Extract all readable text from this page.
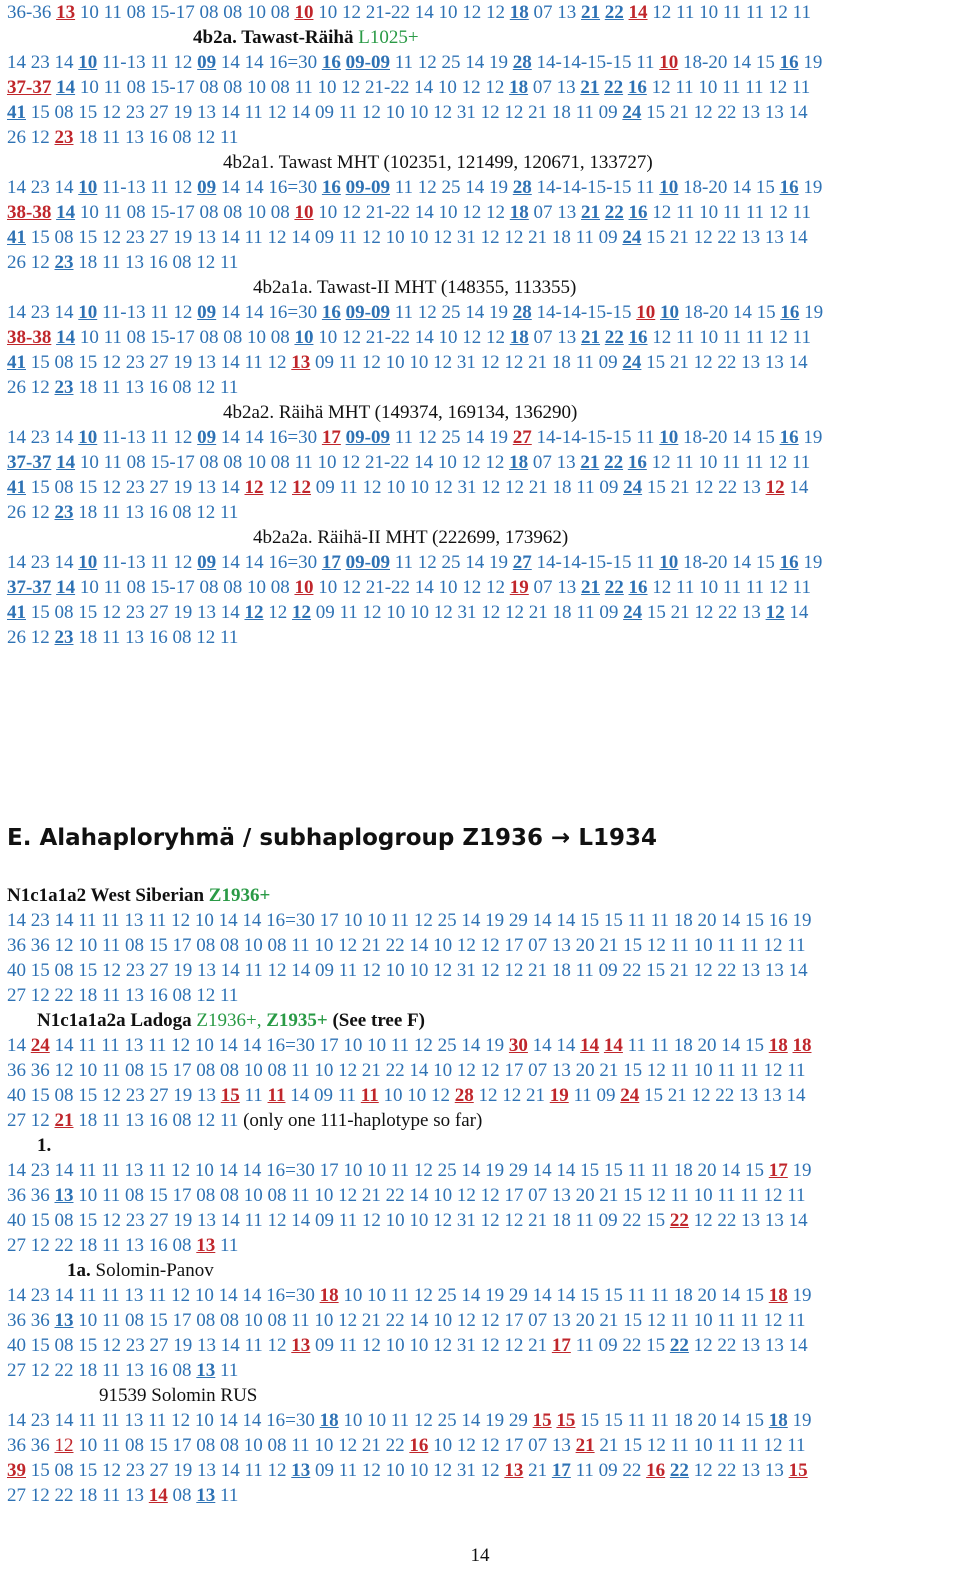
36-36 13 10 11 08 15-17 08 08 10 08 10 10 12 21-22 14 10 12 12 18 07 13 21 22 14 12 11 10 11 11 12 11
4b2a. Tawast-Räihä L1025+
14 23 14 10 11-13 11 12 09 14 14 16=30 16 09-09 11 12 25 14 19 28 14-14-15-15 11 10 18-20 14 15 16 19
37-37 14 10 11 08 15-17 08 08 10 08 11 10 12 21-22 14 10 12 12 18 07 13 21 22 16 12 11 10 11 11 12 11
41 15 08 15 12 23 27 19 13 14 11 12 14 09 11 12 10 10 12 31 12 12 21 18 11 09 24 15 21 12 22 13 13 14
26 12 23 18 11 13 16 08 12 11
4b2a1. Tawast MHT (102351, 121499, 120671, 133727)
14 23 14 10 11-13 11 12 09 14 14 16=30 16 09-09 11 12 25 14 19 28 14-14-15-15 11 10 18-20 14 15 16 19
38-38 14 10 11 08 15-17 08 08 10 08 10 10 12 21-22 14 10 12 12 18 07 13 21 22 16 12 11 10 11 11 12 11
41 15 08 15 12 23 27 19 13 14 11 12 14 09 11 12 10 10 12 31 12 12 21 18 11 09 24 15 21 12 22 13 13 14
26 12 23 18 11 13 16 08 12 11
4b2a1a. Tawast-II MHT (148355, 113355)
14 23 14 10 11-13 11 12 09 14 14 16=30 16 09-09 11 12 25 14 19 28 14-14-15-15 10 10 18-20 14 15 16 19
38-38 14 10 11 08 15-17 08 08 10 08 10 10 12 21-22 14 10 12 12 18 07 13 21 22 16 12 11 10 11 11 12 11
41 15 08 15 12 23 27 19 13 14 11 12 13 09 11 12 10 10 12 31 12 12 21 18 11 09 24 15 21 12 22 13 13 14
26 12 23 18 11 13 16 08 12 11
4b2a2. Räihä MHT (149374, 169134, 136290)
14 23 14 10 11-13 11 12 09 14 14 16=30 17 09-09 11 12 25 14 19 27 14-14-15-15 11 10 18-20 14 15 16 19
37-37 14 10 11 08 15-17 08 08 10 08 11 10 12 21-22 14 10 12 12 18 07 13 21 22 16 12 11 10 11 11 12 11
41 15 08 15 12 23 27 19 13 14 12 12 12 09 11 12 10 10 12 31 12 12 21 18 11 09 24 15 21 12 22 13 12 14
26 12 23 18 11 13 16 08 12 11
4b2a2a. Räihä-II MHT (222699, 173962)
14 23 14 10 11-13 11 12 09 14 14 16=30 17 09-09 11 12 25 14 19 27 14-14-15-15 11 10 18-20 14 15 16 19
37-37 14 10 11 08 15-17 08 08 10 08 10 10 12 21-22 14 10 12 12 19 07 13 21 22 16 12 11 10 11 11 12 11
41 15 08 15 12 23 27 19 13 14 12 12 12 09 11 12 10 10 12 31 12 12 21 18 11 09 24 15 21 12 22 13 12 14
26 12 23 18 11 13 16 08 12 11
N1c1a1a2 West Siberian Z1936+
14 23 14 11 11 13 11 12 10 14 14 16=30 17 10 10 11 12 25 14 19 29 14 14 15 15 11 11 18 20 14 15 16 19
36 36 12 10 11 08 15 17 08 08 10 08 11 10 12 21 22 14 10 12 12 17 07 13 20 21 15 12 11 10 11 11 12 11
40 15 08 15 12 23 27 19 13 14 11 12 14 09 11 12 10 10 12 31 12 12 21 18 11 09 22 15 21 12 22 13 13 14
27 12 22 18 11 13 16 08 12 11
N1c1a1a2a Ladoga Z1936+, Z1935+ (See tree F)
14 24 14 11 11 13 11 12 10 14 14 16=30 17 10 10 11 12 25 14 19 30 14 14 14 14 11 11 18 20 14 15 18 18
36 36 12 10 11 08 15 17 08 08 10 08 11 10 12 21 22 14 10 12 12 17 07 13 20 21 15 12 11 10 11 11 12 11
40 15 08 15 12 23 27 19 13 15 11 11 14 09 11 11 10 10 12 28 12 12 21 19 11 09 24 15 21 12 22 13 13 14
27 12 21 18 11 13 16 08 12 11 (only one 111-haplotype so far)
1.
14 23 14 11 11 13 11 12 10 14 14 16=30 17 10 10 11 12 25 14 19 29 14 14 15 15 11 11 18 20 14 15 17 19
36 36 13 10 11 08 15 17 08 08 10 08 11 10 12 21 22 14 10 12 12 17 07 13 20 21 15 12 11 10 11 11 12 11
40 15 08 15 12 23 27 19 13 14 11 12 14 09 11 12 10 10 12 31 12 12 21 18 11 09 22 15 22 12 22 13 13 14
27 12 22 18 11 13 16 08 13 11
1a. Solomin-Panov
14 23 14 11 11 13 11 12 10 14 14 16=30 18 10 10 11 12 25 14 19 29 14 14 15 15 11 11 18 20 14 15 18 19
36 36 13 10 11 08 15 17 08 08 10 08 11 10 12 21 22 14 10 12 12 17 07 13 20 21 15 12 11 10 11 11 12 11
40 15 08 15 12 23 27 19 13 14 11 12 13 09 11 12 10 10 12 31 12 12 21 17 11 09 22 15 22 12 22 13 13 14
27 12 22 18 11 13 16 08 13 11
91539 Solomin RUS
14 23 14 11 11 13 11 12 10 14 14 16=30 18 10 10 11 12 25 14 19 29 15 15 15 15 11 11 18 20 14 15 18 19
36 36 12 10 11 08 15 17 08 08 10 08 11 10 12 21 22 16 10 12 12 17 07 13 21 21 15 12 11 10 11 11 12 11
39 15 08 15 12 23 27 19 13 14 11 12 13 09 11 12 10 10 12 31 12 13 21 17 11 09 22 16 22 12 22 13 13 15
27 12 22 18 11 13 14 08 13 11
E. Alahaploryhmä / subhaplogroup Z1936 → L1934
14
